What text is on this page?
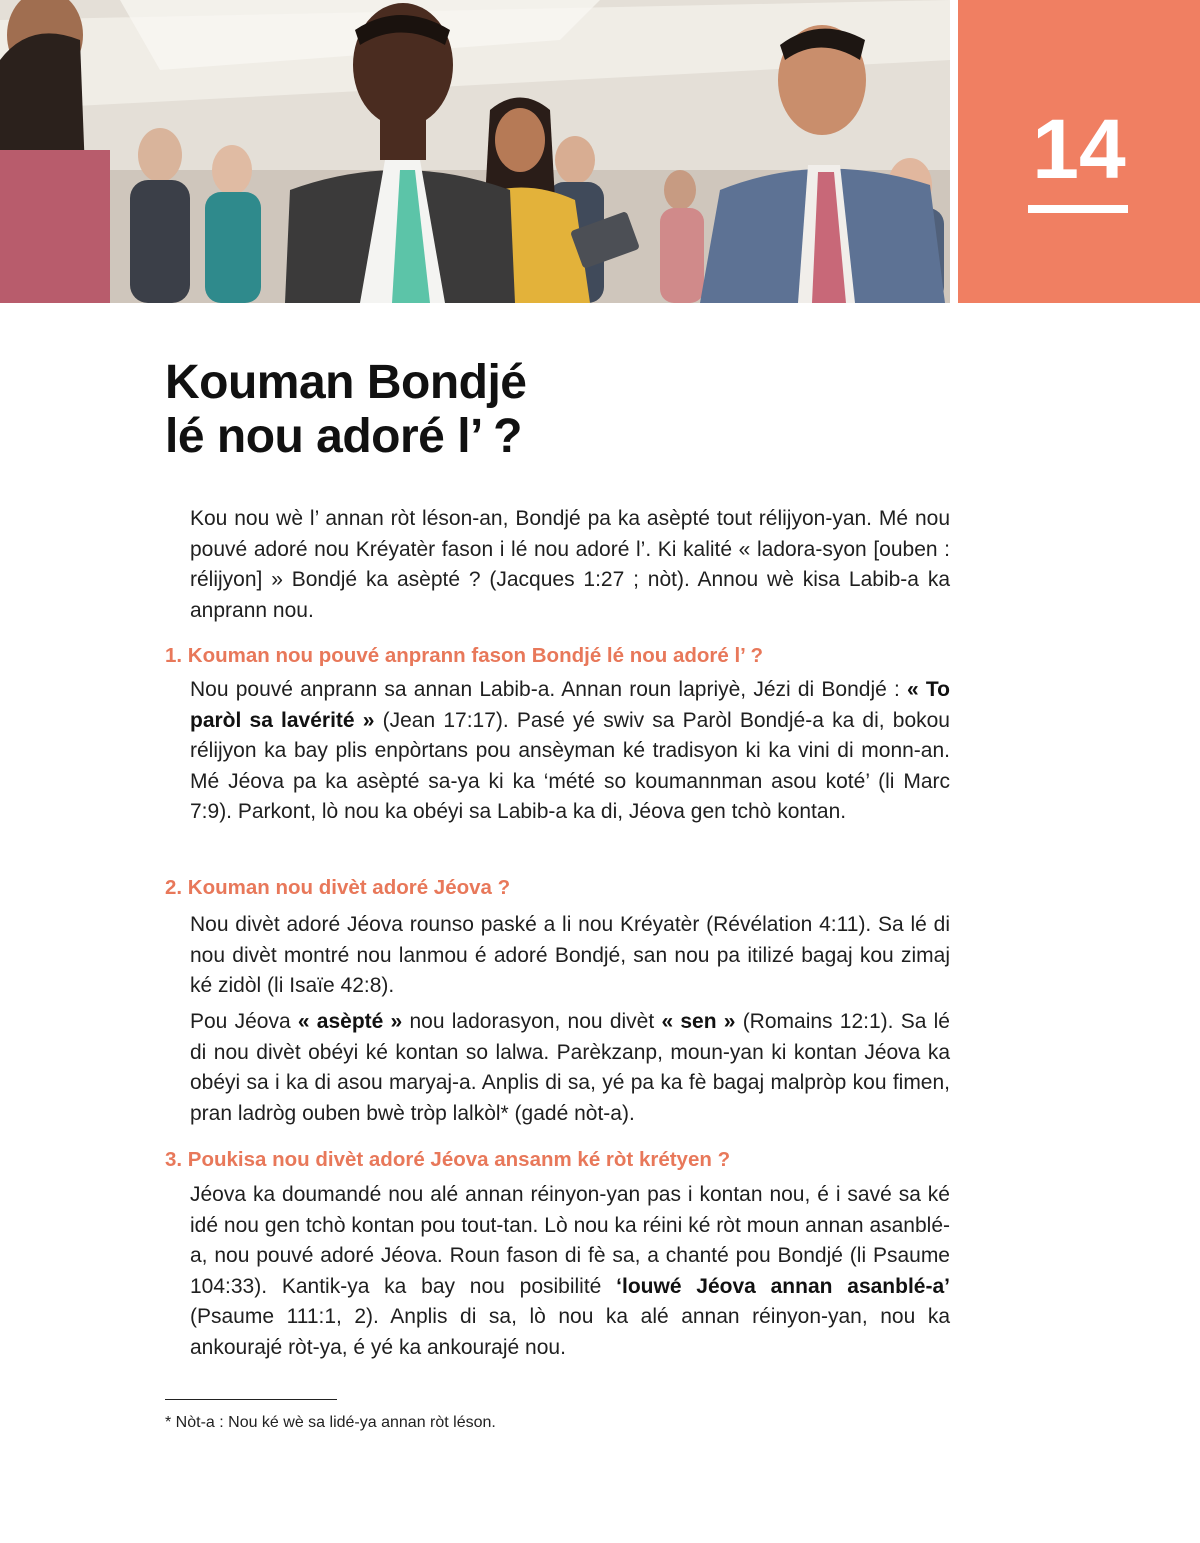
14
Kouman Bondjé
lé nou adoré l’ ?

Kou nou wè l’ annan ròt léson-an, Bondjé pa ka asèpté tout rélijyon-yan. Mé nou pouvé adoré nou Kréyatèr fason i lé nou adoré l’. Ki kalité « ladora-syon [ouben : rélijyon] » Bondjé ka asèpté ? (Jacques 1:27 ; nòt). Annou wè kisa Labib-a ka anprann nou.

1. Kouman nou pouvé anprann fason Bondjé lé nou adoré l’ ?

Nou pouvé anprann sa annan Labib-a. Annan roun lapriyè, Jézi di Bondjé : « To paròl sa lavérité » (Jean 17:17). Pasé yé swiv sa Paròl Bondjé-a ka di, bokou rélijyon ka bay plis enpòrtans pou ansèyman ké tradisyon ki ka vini di monn-an. Mé Jéova pa ka asèpté sa-ya ki ka ‘mété so koumannman asou koté’ (li Marc 7:9). Parkont, lò nou ka obéyi sa Labib-a ka di, Jéova gen tchò kontan.

2. Kouman nou divèt adoré Jéova ?

Nou divèt adoré Jéova rounso paské a li nou Kréyatèr (Révélation 4:11). Sa lé di nou divèt montré nou lanmou é adoré Bondjé, san nou pa itilizé bagaj kou zimaj ké zidòl (li Isaïe 42:8).

Pou Jéova « asèpté » nou ladorasyon, nou divèt « sen » (Romains 12:1). Sa lé di nou divèt obéyi ké kontan so lalwa. Parèkzanp, moun-yan ki kontan Jéova ka obéyi sa i ka di asou maryaj-a. Anplis di sa, yé pa ka fè bagaj malpròp kou fimen, pran ladròg ouben bwè tròp lalkòl* (gadé nòt-a).

3. Poukisa nou divèt adoré Jéova ansanm ké ròt krétyen ?

Jéova ka doumandé nou alé annan réinyon-yan pas i kontan nou, é i savé sa ké idé nou gen tchò kontan pou tout-tan. Lò nou ka réini ké ròt moun annan asanblé-a, nou pouvé adoré Jéova. Roun fason di fè sa, a chanté pou Bondjé (li Psaume 104:33). Kantik-ya ka bay nou posibilité ‘louwé Jéova annan asanblé-a’ (Psaume 111:1, 2). Anplis di sa, lò nou ka alé annan réinyon-yan, nou ka ankourajé ròt-ya, é yé ka ankourajé nou.

* Nòt-a : Nou ké wè sa lidé-ya annan ròt léson.
